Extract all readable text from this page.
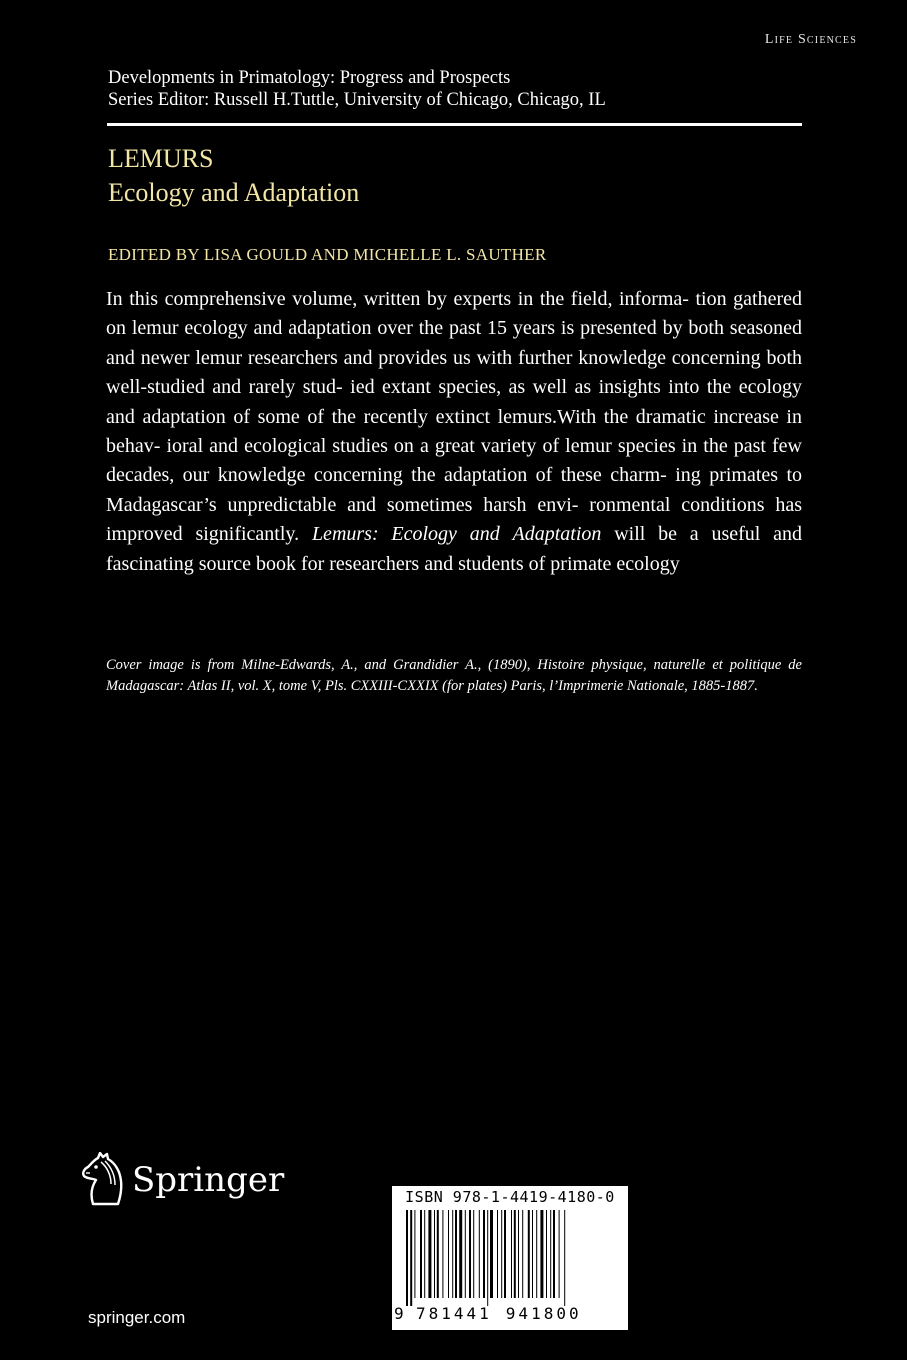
Life Sciences
Developments in Primatology: Progress and Prospects
Series Editor: Russell H.Tuttle, University of Chicago, Chicago, IL
LEMURS
Ecology and Adaptation
EDITED BY LISA GOULD AND MICHELLE L. SAUTHER
In this comprehensive volume, written by experts in the field, informa- tion gathered on lemur ecology and adaptation over the past 15 years is presented by both seasoned and newer lemur researchers and provides us with further knowledge concerning both well-studied and rarely stud- ied extant species, as well as insights into the ecology and adaptation of some of the recently extinct lemurs.With the dramatic increase in behav- ioral and ecological studies on a great variety of lemur species in the past few decades, our knowledge concerning the adaptation of these charm- ing primates to Madagascar’s unpredictable and sometimes harsh envi- ronmental conditions has improved significantly. Lemurs: Ecology and Adaptation will be a useful and fascinating source book for researchers and students of primate ecology
Cover image is from Milne-Edwards, A., and Grandidier A., (1890), Histoire physique, naturelle et politique de Madagascar: Atlas II, vol. X, tome V, Pls. CXXIII-CXXIX (for plates) Paris, l’Imprimerie Nationale, 1885-1887.
Springer
springer.com
ISBN 978-1-4419-4180-0
9 781441 941800
